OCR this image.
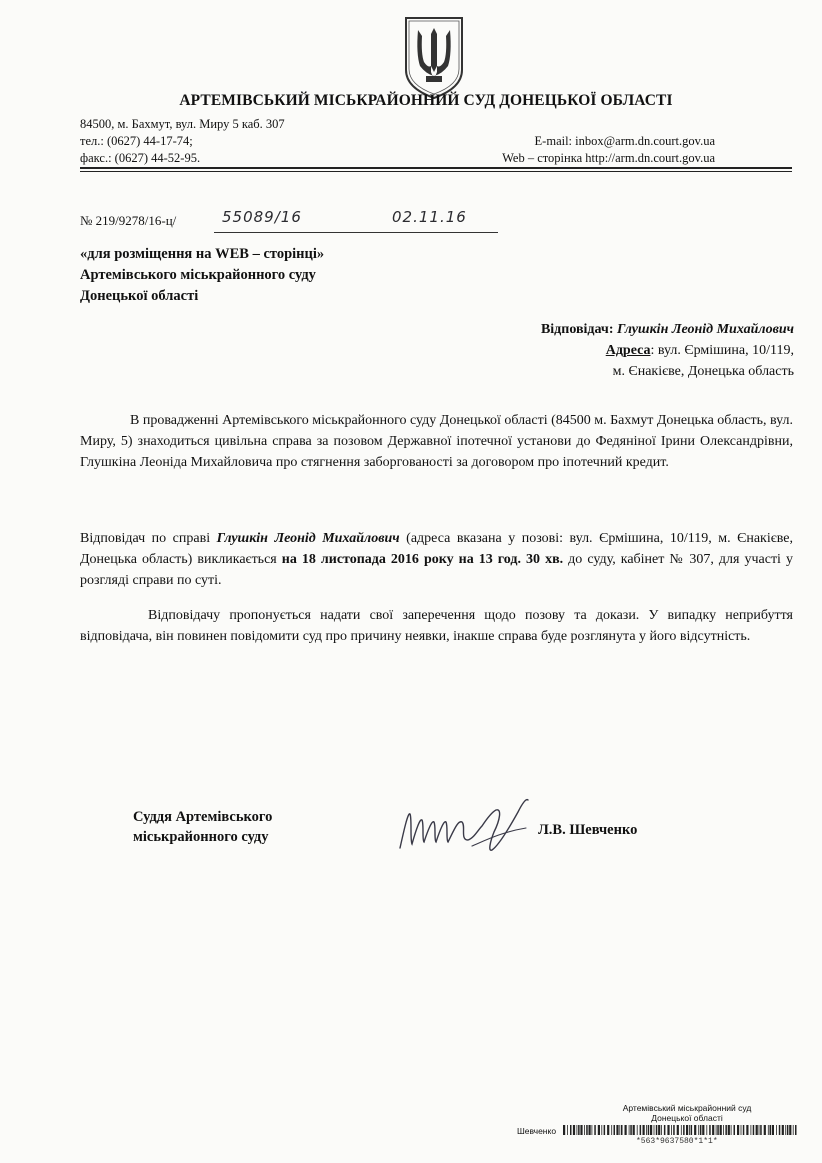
АРТЕМІВСЬКИЙ МІСЬКРАЙОННИЙ СУД ДОНЕЦЬКОЇ ОБЛАСТІ
84500, м. Бахмут, вул. Миру 5 каб. 307
тел.: (0627) 44-17-74;
факс.: (0627) 44-52-95.
E-mail: inbox@arm.dn.court.gov.ua
Web – сторінка http://arm.dn.court.gov.ua
№ 219/9278/16-ц/	55089/16	02.11.16
«для розміщення на WEB – сторінці»
Артемівського міськрайонного суду
Донецької області
Відповідач: Глушкін Леонід Михайлович
Адреса: вул. Єрмішина, 10/119,
м. Єнакієве, Донецька область
В провадженні Артемівського міськрайонного суду Донецької області (84500 м. Бахмут Донецька область, вул. Миру, 5) знаходиться цивільна справа за позовом Державної іпотечної установи до Федяніної Ірини Олександрівни, Глушкіна Леоніда Михайловича про стягнення заборгованості за договором про іпотечний кредит.
Відповідач по справі Глушкін Леонід Михайлович (адреса вказана у позові: вул. Єрмішина, 10/119, м. Єнакієве, Донецька область) викликається на 18 листопада 2016 року на 13 год. 30 хв. до суду, кабінет № 307, для участі у розгляді справи по суті.
Відповідачу пропонується надати свої заперечення щодо позову та докази. У випадку неприбуття відповідача, він повинен повідомити суд про причину неявки, інакше справа буде розглянута у його відсутність.
Суддя Артемівського
міськрайонного суду	Л.В. Шевченко
Артемівський міськрайонний суд
Донецької області
Шевченко
*563*9637580*1*1*
